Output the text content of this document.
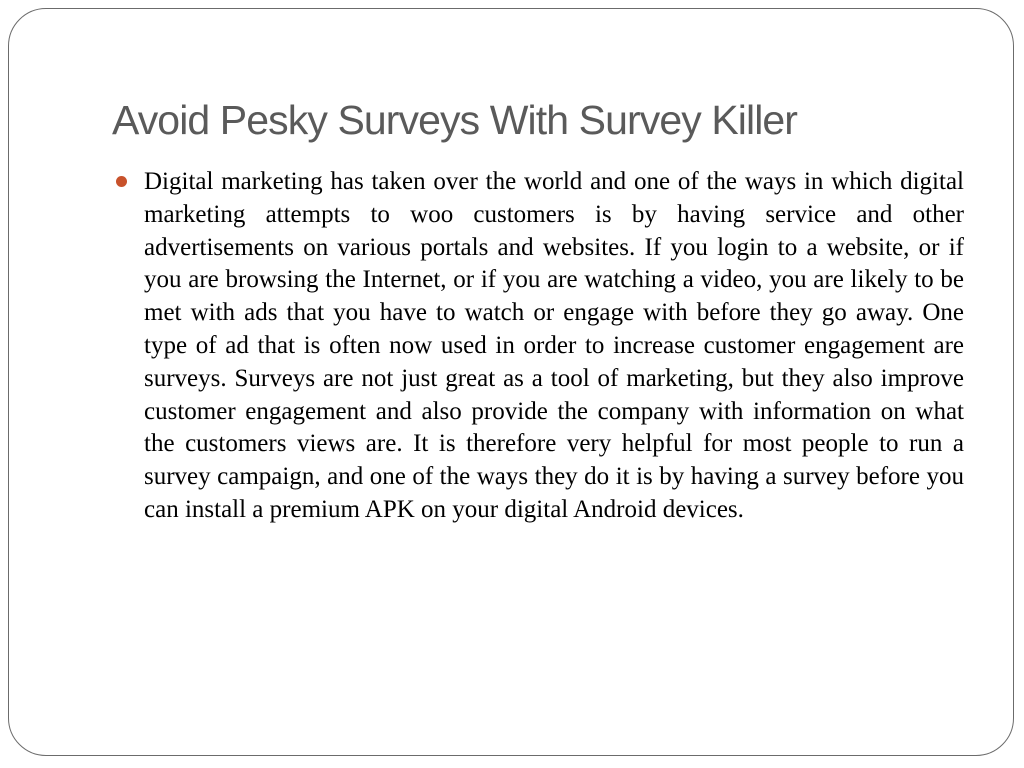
Avoid Pesky Surveys With Survey Killer
Digital marketing has taken over the world and one of the ways in which digital marketing attempts to woo customers is by having service and other advertisements on various portals and websites. If you login to a website, or if you are browsing the Internet, or if you are watching a video, you are likely to be met with ads that you have to watch or engage with before they go away. One type of ad that is often now used in order to increase customer engagement are surveys. Surveys are not just great as a tool of marketing, but they also improve customer engagement and also provide the company with information on what the customers views are. It is therefore very helpful for most people to run a survey campaign, and one of the ways they do it is by having a survey before you can install a premium APK on your digital Android devices.
